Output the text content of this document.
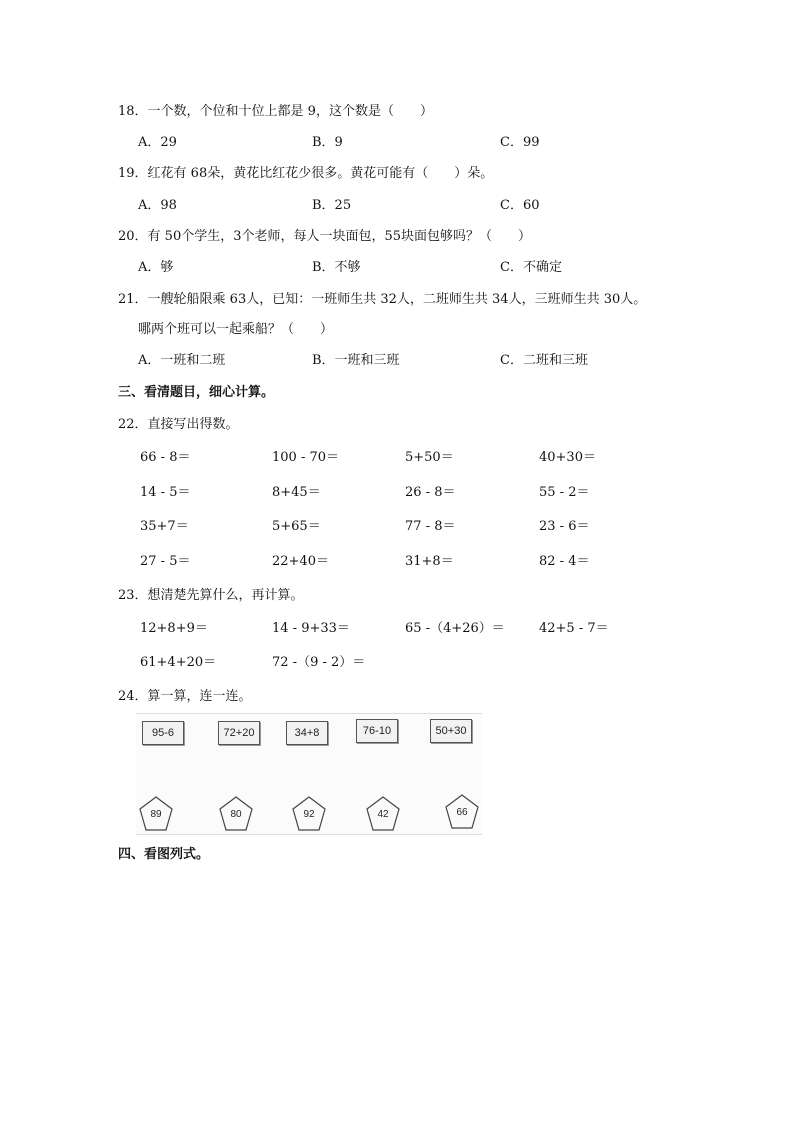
18．一个数，个位和十位上都是 9，这个数是（　　）
A．29	B．9	C．99
19．红花有 68朵，黄花比红花少很多。黄花可能有（　　）朵。
A．98	B．25	C．60
20．有 50个学生，3个老师，每人一块面包，55块面包够吗？（　　）
A．够	B．不够	C．不确定
21．一艘轮船限乘 63人，已知：一班师生共 32人，二班师生共 34人，三班师生共 30人。
哪两个班可以一起乘船？（　　）
A．一班和二班	B．一班和三班	C．二班和三班
三、看清题目，细心计算。
22．直接写出得数。
66 - 8＝	100 - 70＝	5+50＝	40+30＝
14 - 5＝	8+45＝	26 - 8＝	55 - 2＝
35+7＝	5+65＝	77 - 8＝	23 - 6＝
27 - 5＝	22+40＝	31+8＝	82 - 4＝
23．想清楚先算什么，再计算。
12+8+9＝	14 - 9+33＝	65 -（4+26）＝	42+5 - 7＝
61+4+20＝	72 -（9 - 2）＝
24．算一算，连一连。
95-6	72+20	34+8	76-10	50+30
89	80	92	42	66
四、看图列式。
